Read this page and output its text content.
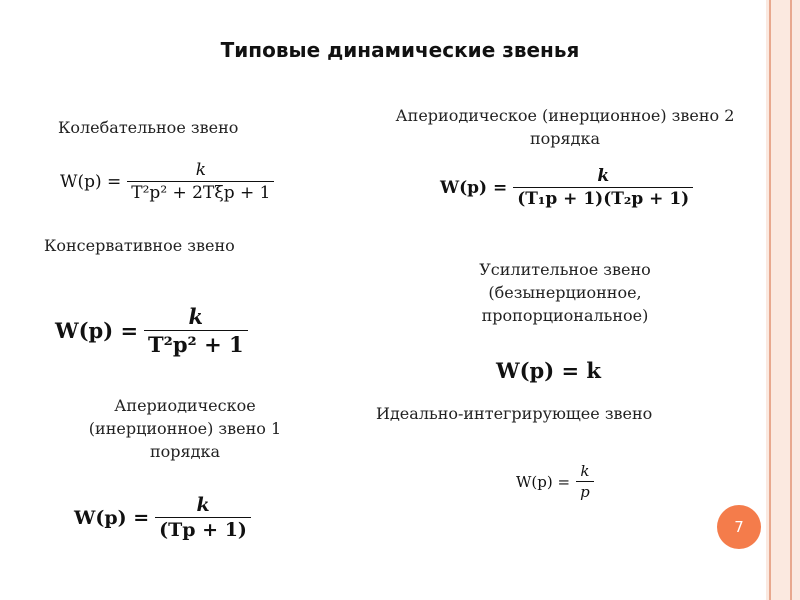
Типовые динамические звенья
Колебательное звено
$W(p) = \frac{k}{\text{T²p² + 2Tξp + 1}}$
Консервативное звено
$W(p) = \frac{k}{\text{T²p² + 1}}$
Апериодическое
(инерционное) звено 1
порядка
$W(p) = \frac{k}{(Tp + 1)}$
Апериодическое (инерционное) звено 2
порядка
$W(p) = \frac{k}{\text{(T₁p + 1)(T₂p + 1)}}$
Усилительное звено
(безынерционное,
пропорциональное)
W(p) = k
Идеально-интегрирующее звено
$W(p) = \frac{k}{p}$
7
